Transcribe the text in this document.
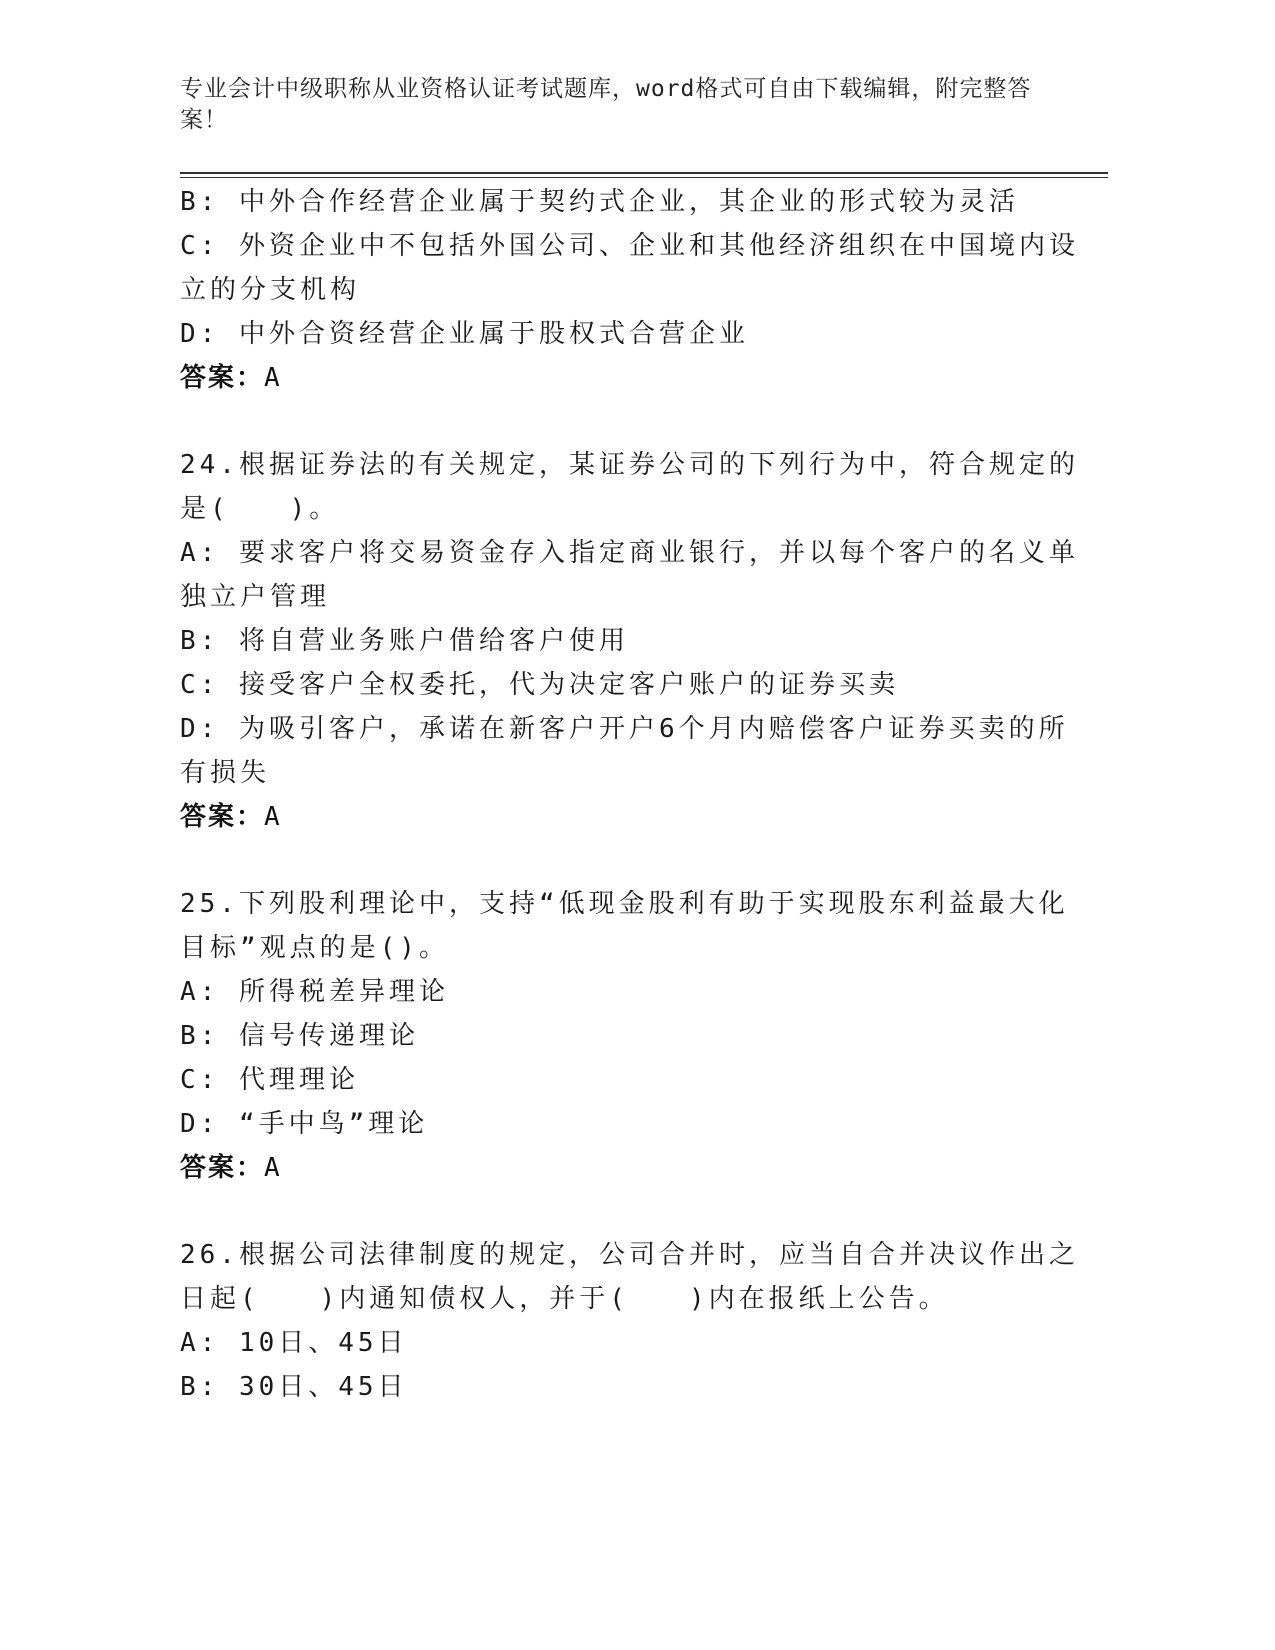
专业会计中级职称从业资格认证考试题库，word格式可自由下载编辑，附完整答案！
B: 中外合作经营企业属于契约式企业，其企业的形式较为灵活
C: 外资企业中不包括外国公司、企业和其他经济组织在中国境内设立的分支机构
D: 中外合资经营企业属于股权式合营企业
答案：A
24.根据证券法的有关规定，某证券公司的下列行为中，符合规定的是(　　)。
A: 要求客户将交易资金存入指定商业银行，并以每个客户的名义单独立户管理
B: 将自营业务账户借给客户使用
C: 接受客户全权委托，代为决定客户账户的证券买卖
D: 为吸引客户，承诺在新客户开户6个月内赔偿客户证券买卖的所有损失
答案：A
25.下列股利理论中，支持“低现金股利有助于实现股东利益最大化目标”观点的是()。
A: 所得税差异理论
B: 信号传递理论
C: 代理理论
D: “手中鸟”理论
答案：A
26.根据公司法律制度的规定，公司合并时，应当自合并决议作出之日起(　　)内通知债权人，并于(　　)内在报纸上公告。
A: 10日、45日
B: 30日、45日
